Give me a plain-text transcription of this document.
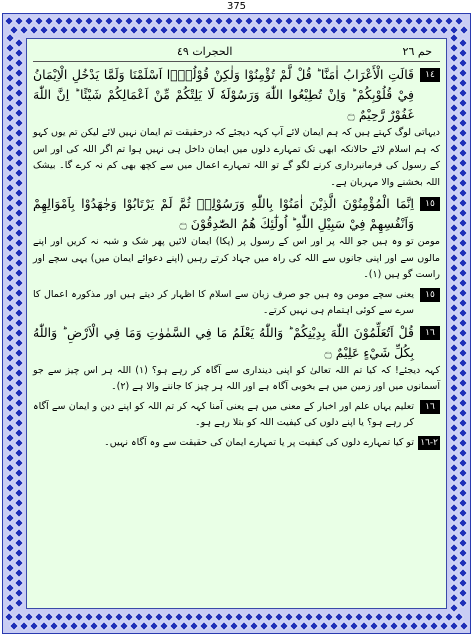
375
حم ٢٦
الحجرات ٤٩
١٤
قَالَتِ الْأَعْرَابُ اٰمَنَّا ؕ قُلْ لَّمْ تُؤْمِنُوْا وَلٰكِنْ قُوْلُوْۤا اَسْلَمْنَا وَلَمَّا يَدْخُلِ الْاِيْمَانُ فِيْ قُلُوْبِكُمْ ؕ وَاِنْ تُطِيْعُوا اللّٰهَ وَرَسُوْلَهٗ لَا يَلِتْكُمْ مِّنْ اَعْمَالِكُمْ شَيْئًا ؕ اِنَّ اللّٰهَ غَفُوْرٌ رَّحِيْمٌ ۝
دیہاتی لوگ کہتے ہیں کہ ہم ایمان لائے آپ کہہ دیجئے کہ درحقیقت تم ایمان نہیں لائے لیکن تم یوں کہو کہ ہم اسلام لائے حالانکہ ابھی تک تمہارے دلوں میں ایمان داخل ہی نہیں ہوا تم اگر اللہ کی اور اس کے رسول کی فرمانبرداری کرنے لگو گے تو اللہ تمہارے اعمال میں سے کچھ بھی کم نہ کرے گا۔ بیشک اللہ بخشنے والا مہربان ہے۔
١٥
اِنَّمَا الْمُؤْمِنُوْنَ الَّذِيْنَ اٰمَنُوْا بِاللّٰهِ وَرَسُوْلِهٖ ثُمَّ لَمْ يَرْتَابُوْا وَجٰهَدُوْا بِاَمْوَالِهِمْ وَاَنْفُسِهِمْ فِيْ سَبِيْلِ اللّٰهِ ؕ اُولٰٓئِكَ هُمُ الصّٰدِقُوْنَ ۝
مومن تو وہ ہیں جو اللہ پر اور اس کے رسول پر (پکا) ایمان لائیں پھر شک و شبہ نہ کریں اور اپنے مالوں سے اور اپنی جانوں سے اللہ کی راہ میں جہاد کرتے رہیں (اپنے دعوائے ایمان میں) یہی سچے اور راست گو ہیں (١)۔
١٥
یعنی سچے مومن وہ ہیں جو صرف زبان سے اسلام کا اظہار کر دیتے ہیں اور مذکورہ اعمال کا سرے سے کوئی اہتمام ہی نہیں کرتے۔
١٦
قُلْ اَتُعَلِّمُوْنَ اللّٰهَ بِدِيْنِكُمْ ؕ وَاللّٰهُ يَعْلَمُ مَا فِي السَّمٰوٰتِ وَمَا فِي الْاَرْضِ ؕ وَاللّٰهُ بِكُلِّ شَيْءٍ عَلِيْمٌ ۝
کہہ دیجئے! کہ کیا تم اللہ تعالیٰ کو اپنی دینداری سے آگاہ کر رہے ہو؟ (١) اللہ ہر اس چیز سے جو آسمانوں میں اور زمین میں ہے بخوبی آگاہ ہے اور اللہ ہر چیز کا جاننے والا ہے (٢)۔
١٦
تعلیم یہاں علم اور اخبار کے معنی میں ہے یعنی آمنا کہہ کر تم اللہ کو اپنے دین و ایمان سے آگاہ کر رہے ہو؟ یا اپنے دلوں کی کیفیت اللہ کو بتلا رہے ہو۔
٢-١٦
تو کیا تمہارے دلوں کی کیفیت پر یا تمہارے ایمان کی حقیقت سے وہ آگاہ نہیں۔
